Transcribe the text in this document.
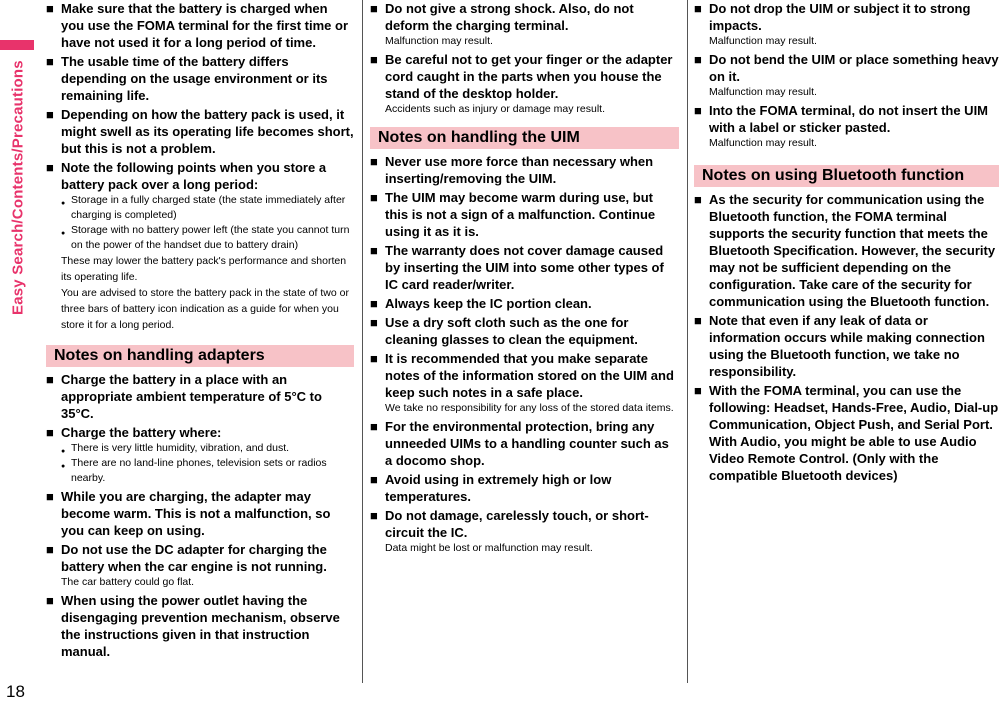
Easy Search/Contents/Precautions
18
■ Make sure that the battery is charged when you use the FOMA terminal for the first time or have not used it for a long period of time.
■ The usable time of the battery differs depending on the usage environment or its remaining life.
■ Depending on how the battery pack is used, it might swell as its operating life becomes short, but this is not a problem.
■ Note the following points when you store a battery pack over a long period:
● Storage in a fully charged state (the state immediately after charging is completed)
● Storage with no battery power left (the state you cannot turn on the power of the handset due to battery drain)
These may lower the battery pack's performance and shorten its operating life.
You are advised to store the battery pack in the state of two or three bars of battery icon indication as a guide for when you store it for a long period.
Notes on handling adapters
■ Charge the battery in a place with an appropriate ambient temperature of 5°C to 35°C.
■ Charge the battery where:
● There is very little humidity, vibration, and dust.
● There are no land-line phones, television sets or radios nearby.
■ While you are charging, the adapter may become warm. This is not a malfunction, so you can keep on using.
■ Do not use the DC adapter for charging the battery when the car engine is not running.
The car battery could go flat.
■ When using the power outlet having the disengaging prevention mechanism, observe the instructions given in that instruction manual.
■ Do not give a strong shock. Also, do not deform the charging terminal.
Malfunction may result.
■ Be careful not to get your finger or the adapter cord caught in the parts when you house the stand of the desktop holder.
Accidents such as injury or damage may result.
Notes on handling the UIM
■ Never use more force than necessary when inserting/removing the UIM.
■ The UIM may become warm during use, but this is not a sign of a malfunction. Continue using it as it is.
■ The warranty does not cover damage caused by inserting the UIM into some other types of IC card reader/writer.
■ Always keep the IC portion clean.
■ Use a dry soft cloth such as the one for cleaning glasses to clean the equipment.
■ It is recommended that you make separate notes of the information stored on the UIM and keep such notes in a safe place.
We take no responsibility for any loss of the stored data items.
■ For the environmental protection, bring any unneeded UIMs to a handling counter such as a docomo shop.
■ Avoid using in extremely high or low temperatures.
■ Do not damage, carelessly touch, or short-circuit the IC.
Data might be lost or malfunction may result.
■ Do not drop the UIM or subject it to strong impacts.
Malfunction may result.
■ Do not bend the UIM or place something heavy on it.
Malfunction may result.
■ Into the FOMA terminal, do not insert the UIM with a label or sticker pasted.
Malfunction may result.
Notes on using Bluetooth function
■ As the security for communication using the Bluetooth function, the FOMA terminal supports the security function that meets the Bluetooth Specification. However, the security may not be sufficient depending on the configuration. Take care of the security for communication using the Bluetooth function.
■ Note that even if any leak of data or information occurs while making connection using the Bluetooth function, we take no responsibility.
■ With the FOMA terminal, you can use the following: Headset, Hands-Free, Audio, Dial-up Communication, Object Push, and Serial Port. With Audio, you might be able to use Audio Video Remote Control. (Only with the compatible Bluetooth devices)
